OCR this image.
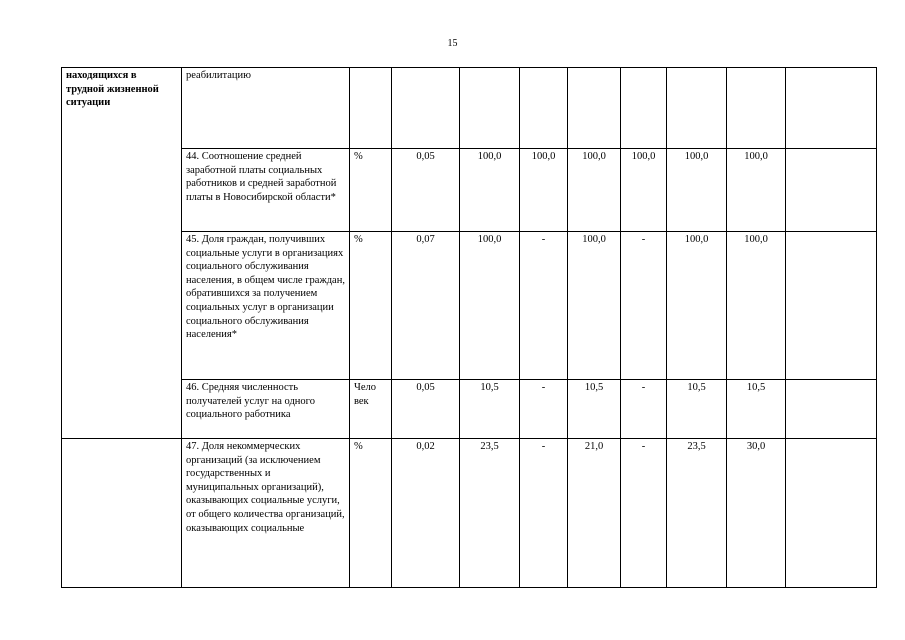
15
находящихся в трудной жизненной ситуации	реабилитацию									
	44. Соотношение средней заработной платы социальных работников и средней заработной платы в Новосибирской области*	%	0,05	100,0	100,0	100,0	100,0	100,0	100,0	
	45. Доля граждан, получивших социальные услуги в организациях социального обслуживания населения, в общем числе граждан, обратившихся за получением социальных услуг в организации социального обслуживания населения*	%	0,07	100,0	-	100,0	-	100,0	100,0	
	46. Средняя численность получателей услуг на одного социального работника	Чело век	0,05	10,5	-	10,5	-	10,5	10,5	
	47. Доля некоммерческих организаций (за исключением государственных и муниципальных организаций), оказывающих социальные услуги, от общего количества организаций, оказывающих социальные	%	0,02	23,5	-	21,0	-	23,5	30,0	
